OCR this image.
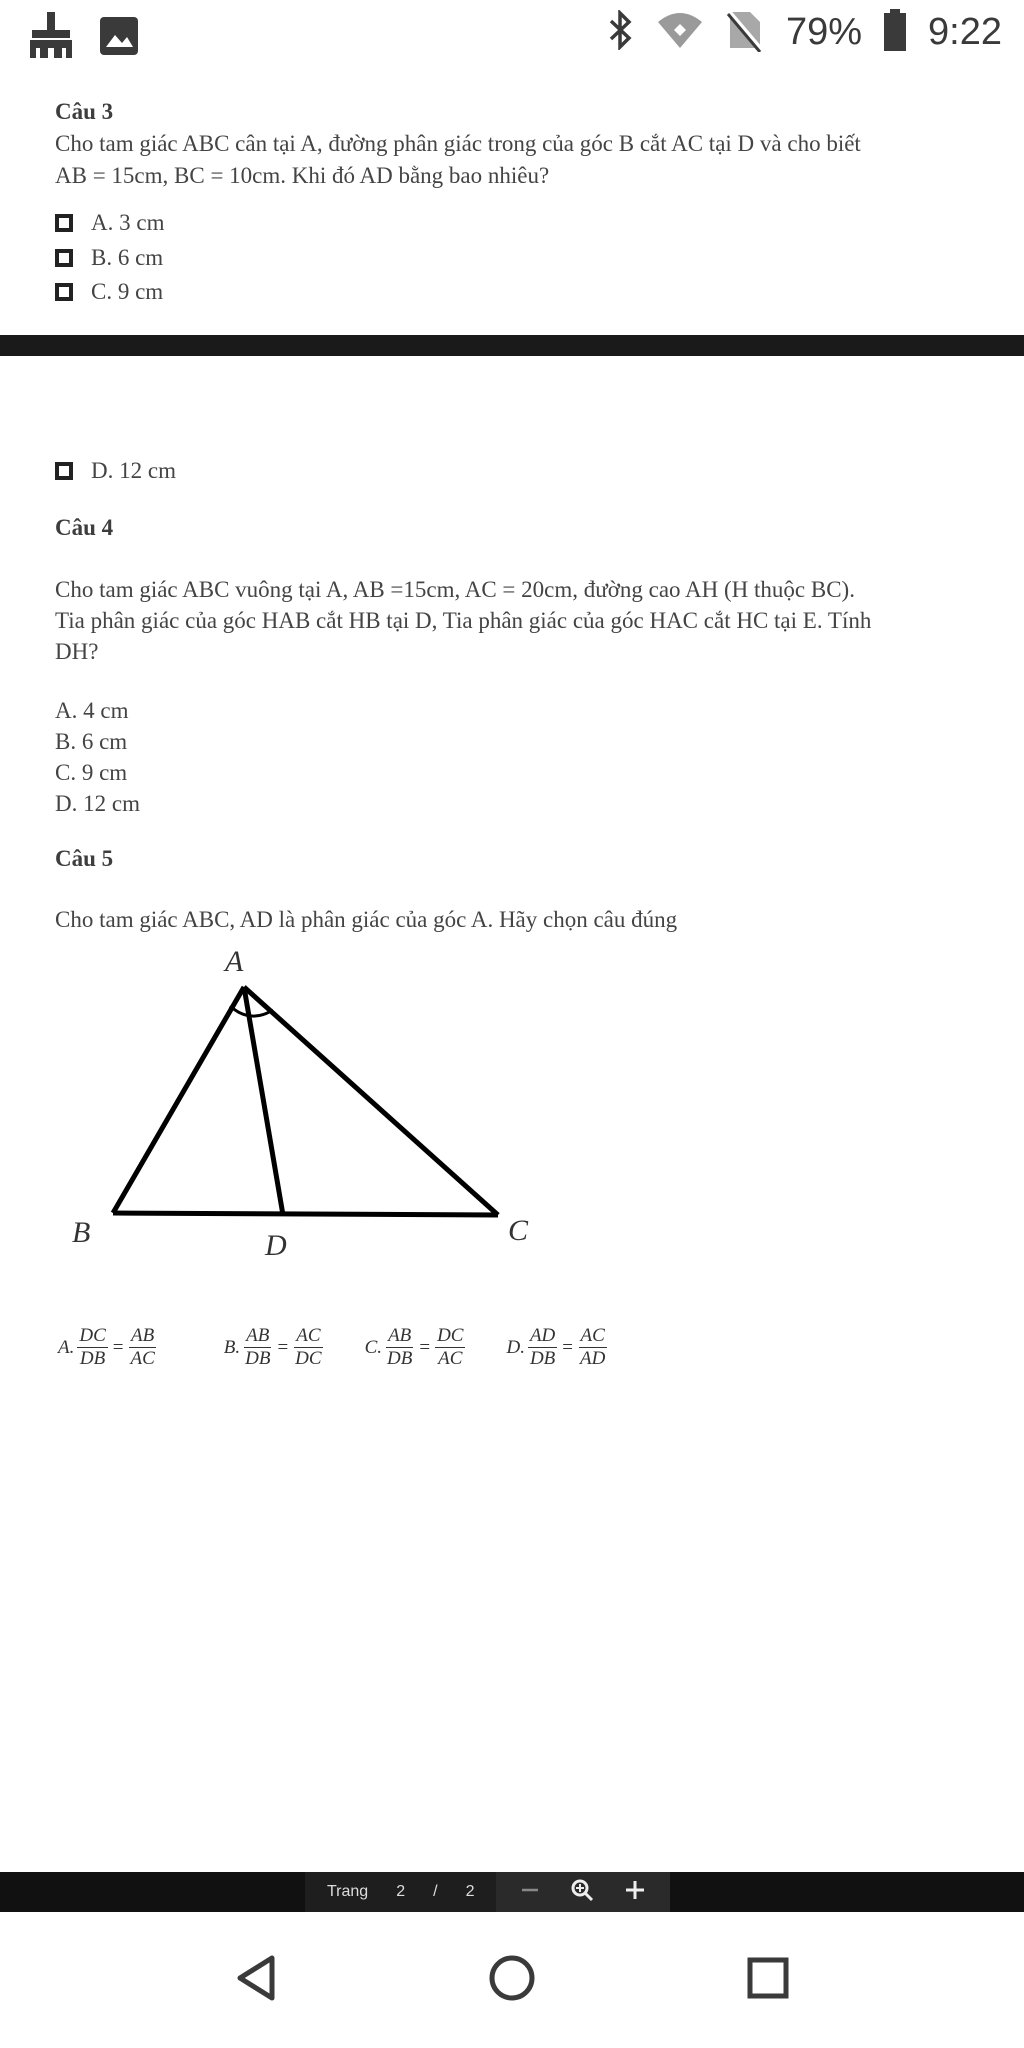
79% 9:22
Câu 3
Cho tam giác ABC cân tại A, đường phân giác trong của góc B cắt AC tại D và cho biết
AB = 15cm, BC = 10cm. Khi đó AD bằng bao nhiêu?
A. 3 cm
B. 6 cm
C. 9 cm
D. 12 cm
Câu 4
Cho tam giác ABC vuông tại A, AB =15cm, AC = 20cm, đường cao AH (H thuộc BC).
Tia phân giác của góc HAB cắt HB tại D, Tia phân giác của góc HAC cắt HC tại E. Tính
DH?
A. 4 cm
B. 6 cm
C. 9 cm
D. 12 cm
Câu 5
Cho tam giác ABC, AD là phân giác của góc A. Hãy chọn câu đúng
A
B	D	C
A. $\frac{DC}{DB} = \frac{AB}{AC}$	B. $\frac{AB}{DB} = \frac{AC}{DC} C$. $\frac{AB}{DB} = \frac{DC}{AC} D$. $\frac{AD}{DB} = \frac{AC}{AD}$
Trang 2 / 2
